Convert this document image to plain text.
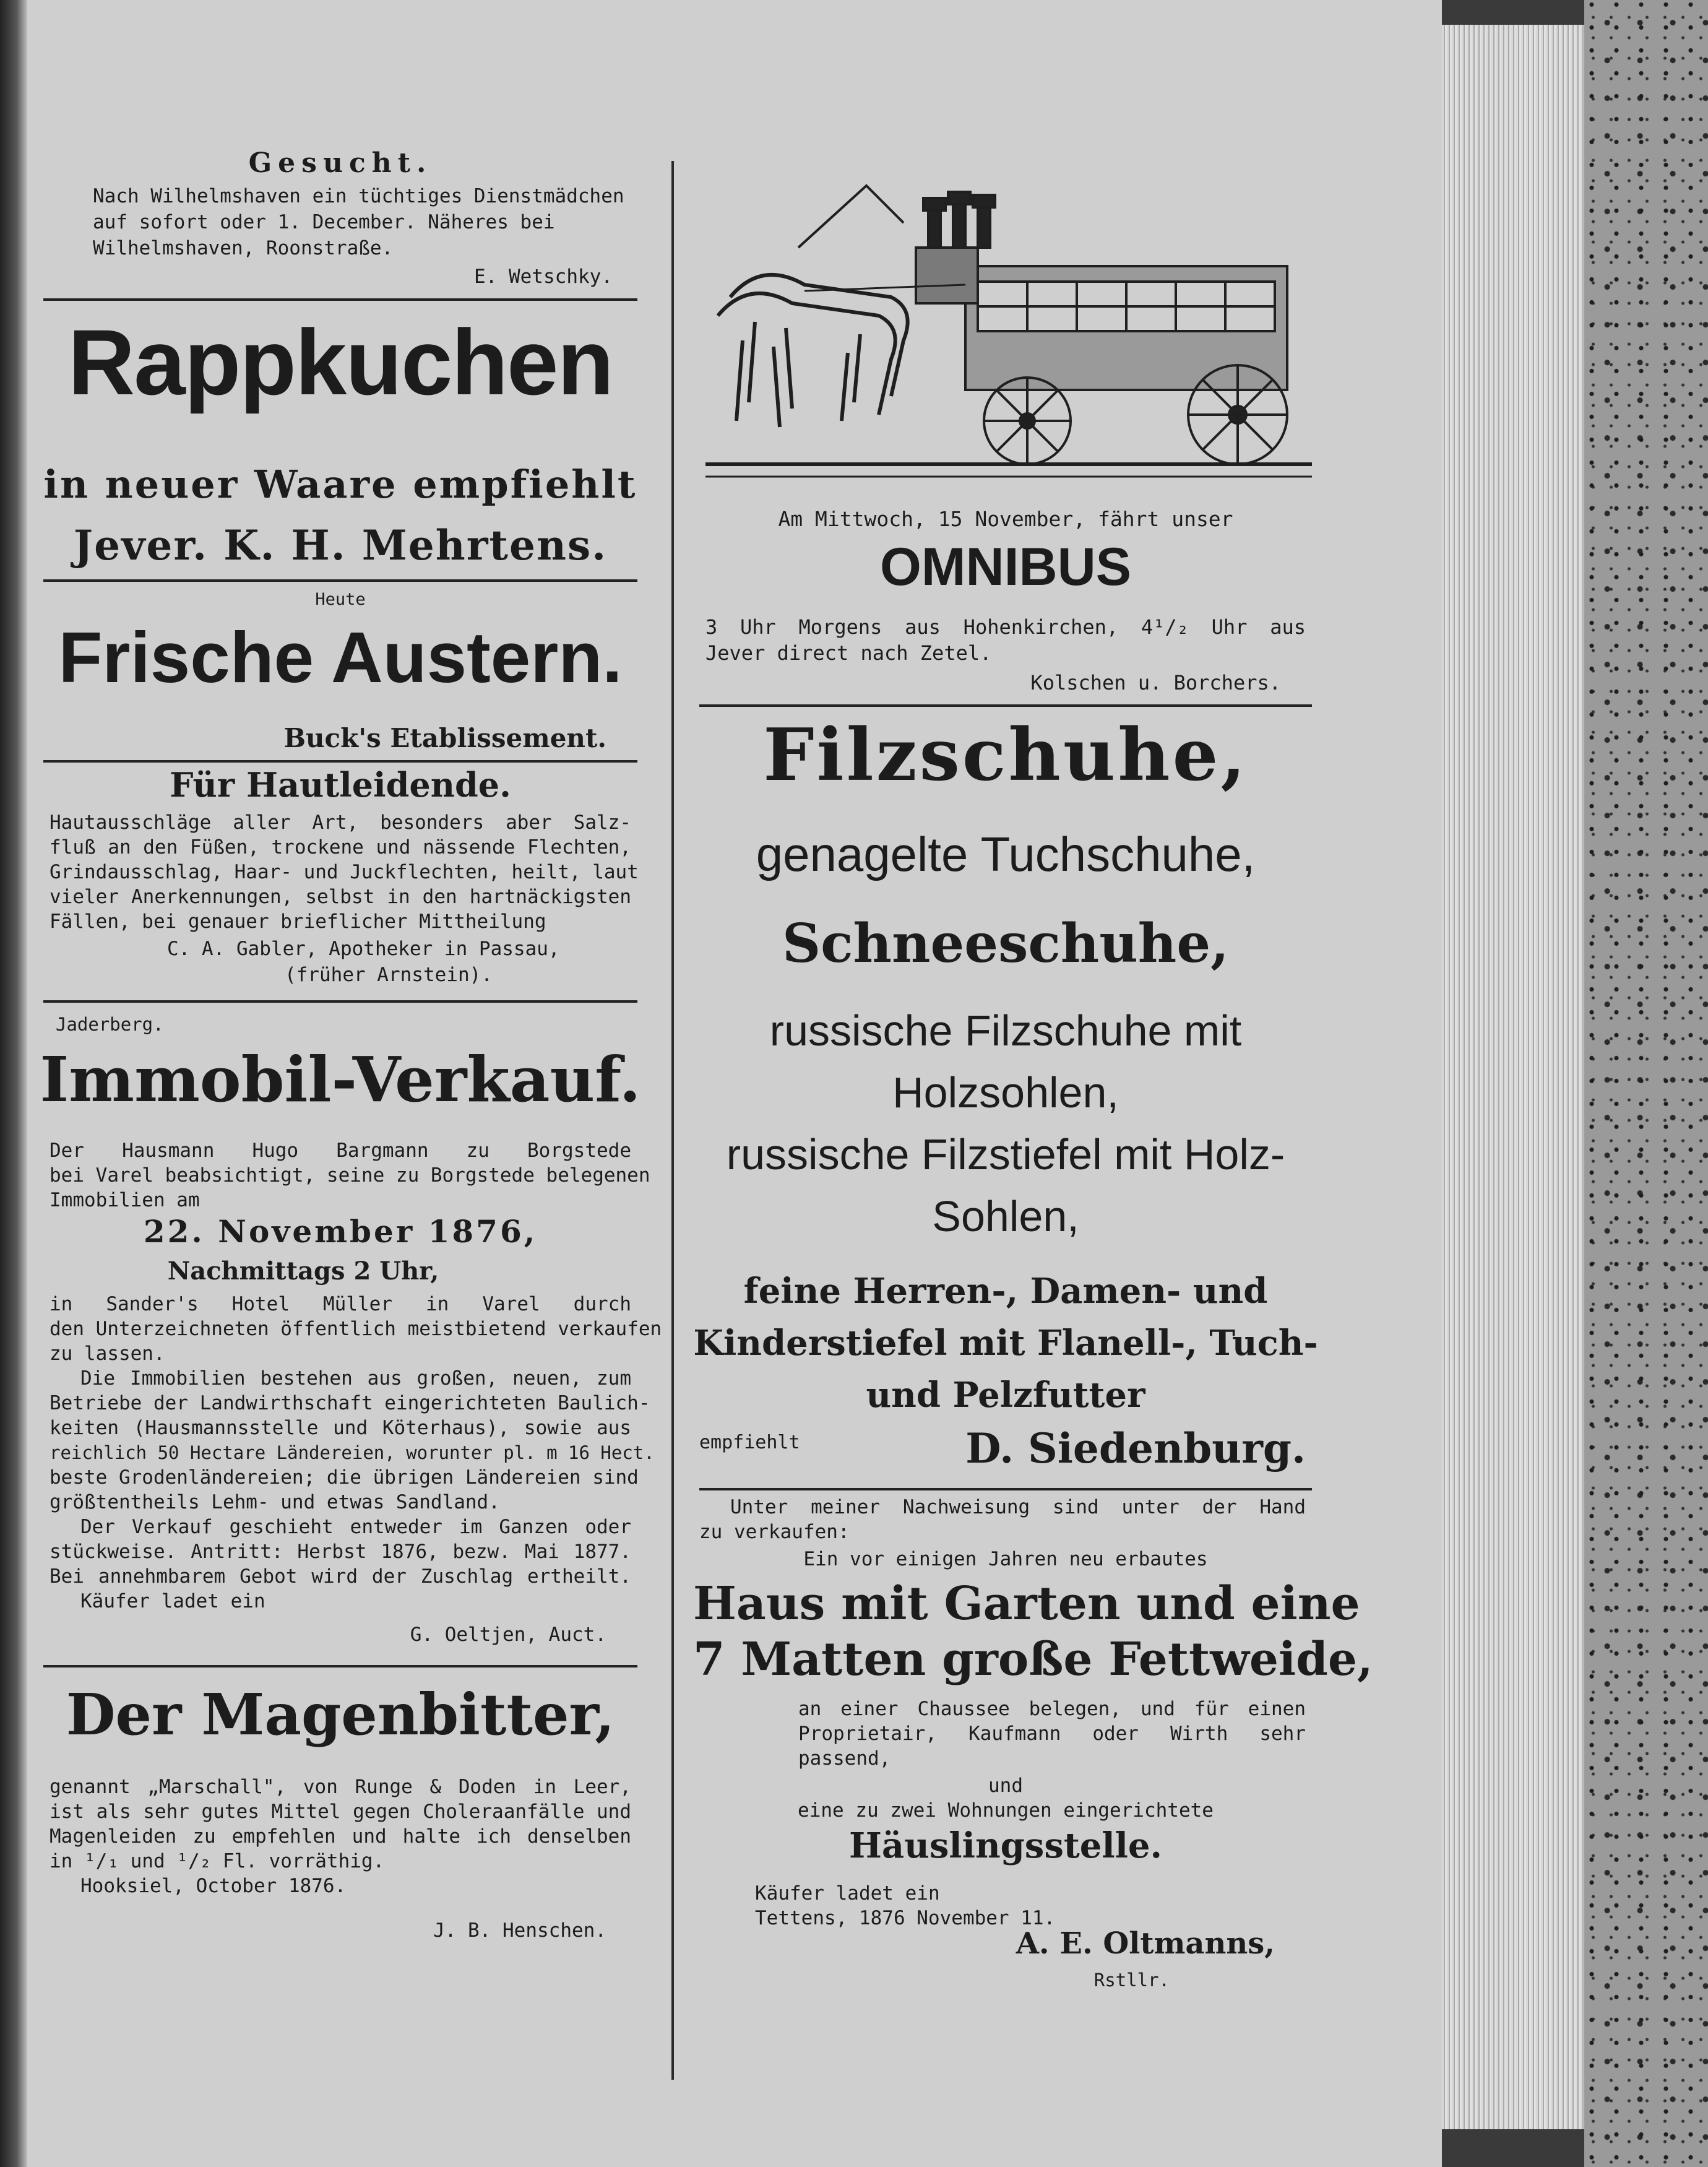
Gesucht.

Nach Wilhelmshaven ein tüchtiges Dienstmädchen

auf sofort oder 1. December. Näheres bei

Wilhelmshaven, Roonstraße.

E. Wetschky.

Rappkuchen

in neuer Waare empfiehlt

Jever. K. H. Mehrtens.

Heute

Frische Austern.

Buck's Etablissement.

Für Hautleidende.

Hautausschläge aller Art, besonders aber Salz-

fluß an den Füßen, trockene und nässende Flechten,

Grindausschlag, Haar- und Juckflechten, heilt, laut

vieler Anerkennungen, selbst in den hartnäckigsten

Fällen, bei genauer brieflicher Mittheilung

C. A. Gabler, Apotheker in Passau,

(früher Arnstein).

Jaderberg.

Immobil-Verkauf.

Der Hausmann Hugo Bargmann zu Borgstede

bei Varel beabsichtigt, seine zu Borgstede belegenen

Immobilien am

22. November 1876,

Nachmittags 2 Uhr,

in Sander's Hotel Müller in Varel durch

den Unterzeichneten öffentlich meistbietend verkaufen

zu lassen.

Die Immobilien bestehen aus großen, neuen, zum

Betriebe der Landwirthschaft eingerichteten Baulich-

keiten (Hausmannsstelle und Köterhaus), sowie aus

reichlich 50 Hectare Ländereien, worunter pl. m 16 Hect.

beste Grodenländereien; die übrigen Ländereien sind

größtentheils Lehm- und etwas Sandland.

Der Verkauf geschieht entweder im Ganzen oder

stückweise. Antritt: Herbst 1876, bezw. Mai 1877.

Bei annehmbarem Gebot wird der Zuschlag ertheilt.

Käufer ladet ein

G. Oeltjen, Auct.

Der Magenbitter,

genannt „Marschall", von Runge & Doden in Leer,

ist als sehr gutes Mittel gegen Choleraanfälle und

Magenleiden zu empfehlen und halte ich denselben

in ¹/₁ und ¹/₂ Fl. vorräthig.

Hooksiel, October 1876.

J. B. Henschen.

Am Mittwoch, 15 November, fährt unser

OMNIBUS

3 Uhr Morgens aus Hohenkirchen, 4¹/₂ Uhr aus

Jever direct nach Zetel.

Kolschen u. Borchers.

Filzschuhe,

genagelte Tuchschuhe,

Schneeschuhe,

russische Filzschuhe mit

Holzsohlen,

russische Filzstiefel mit Holz-

Sohlen,

feine Herren-, Damen- und

Kinderstiefel mit Flanell-, Tuch-

und Pelzfutter

empfiehlt	D. Siedenburg.

Unter meiner Nachweisung sind unter der Hand

zu verkaufen:

Ein vor einigen Jahren neu erbautes

Haus mit Garten und eine

7 Matten große Fettweide,

an einer Chaussee belegen, und für einen

Proprietair, Kaufmann oder Wirth sehr

passend,

und

eine zu zwei Wohnungen eingerichtete

Häuslingsstelle.

Käufer ladet ein

Tettens, 1876 November 11.

A. E. Oltmanns,

Rstllr.
